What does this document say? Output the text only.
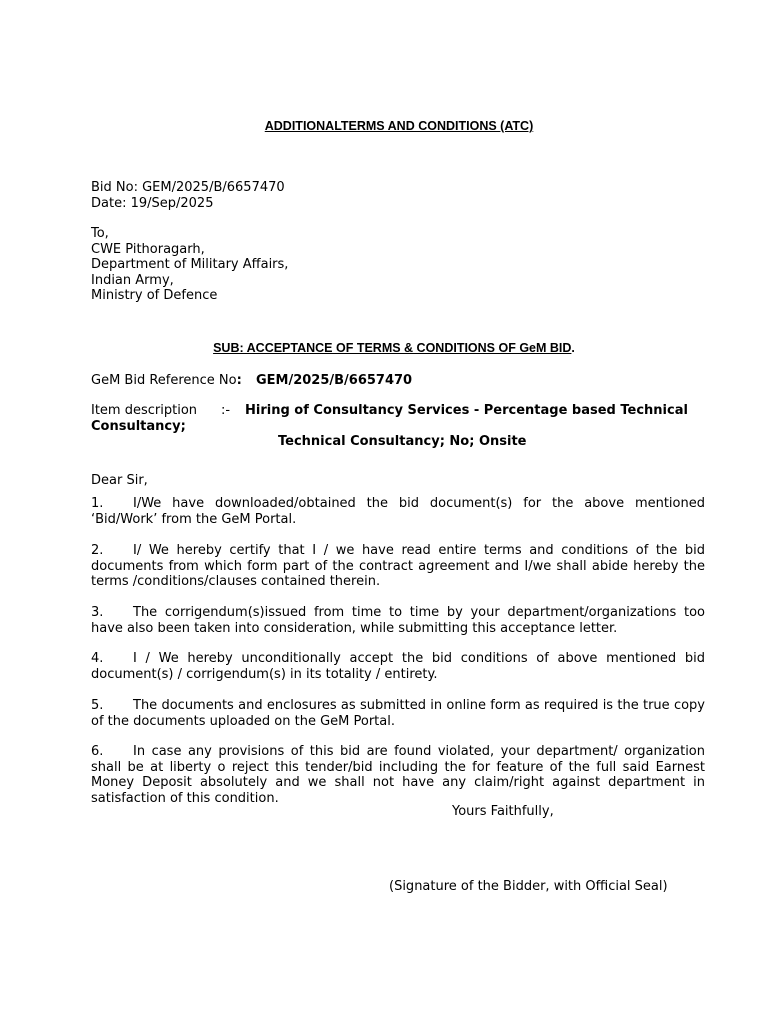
ADDITIONALTERMS AND CONDITIONS (ATC)
Bid No: GEM/2025/B/6657470
Date: 19/Sep/2025
To,
CWE Pithoragarh,
Department of Military Affairs,
Indian Army,
Ministry of Defence
SUB: ACCEPTANCE OF TERMS & CONDITIONS OF GeM BID.
GeM Bid Reference No: GEM/2025/B/6657470
Item description :- Hiring of Consultancy Services - Percentage based Technical
Consultancy;
Technical Consultancy; No; Onsite
Dear Sir,
1. I/We have downloaded/obtained the bid document(s) for the above mentioned ‘Bid/Work’ from the GeM Portal.
2. I/ We hereby certify that I / we have read entire terms and conditions of the bid documents from which form part of the contract agreement and I/we shall abide hereby the terms /conditions/clauses contained therein.
3. The corrigendum(s)issued from time to time by your department/organizations too have also been taken into consideration, while submitting this acceptance letter.
4. I / We hereby unconditionally accept the bid conditions of above mentioned bid document(s) / corrigendum(s) in its totality / entirety.
5. The documents and enclosures as submitted in online form as required is the true copy of the documents uploaded on the GeM Portal.
6. In case any provisions of this bid are found violated, your department/ organization shall be at liberty o reject this tender/bid including the for feature of the full said Earnest Money Deposit absolutely and we shall not have any claim/right against department in satisfaction of this condition.
Yours Faithfully,
(Signature of the Bidder, with Official Seal)
